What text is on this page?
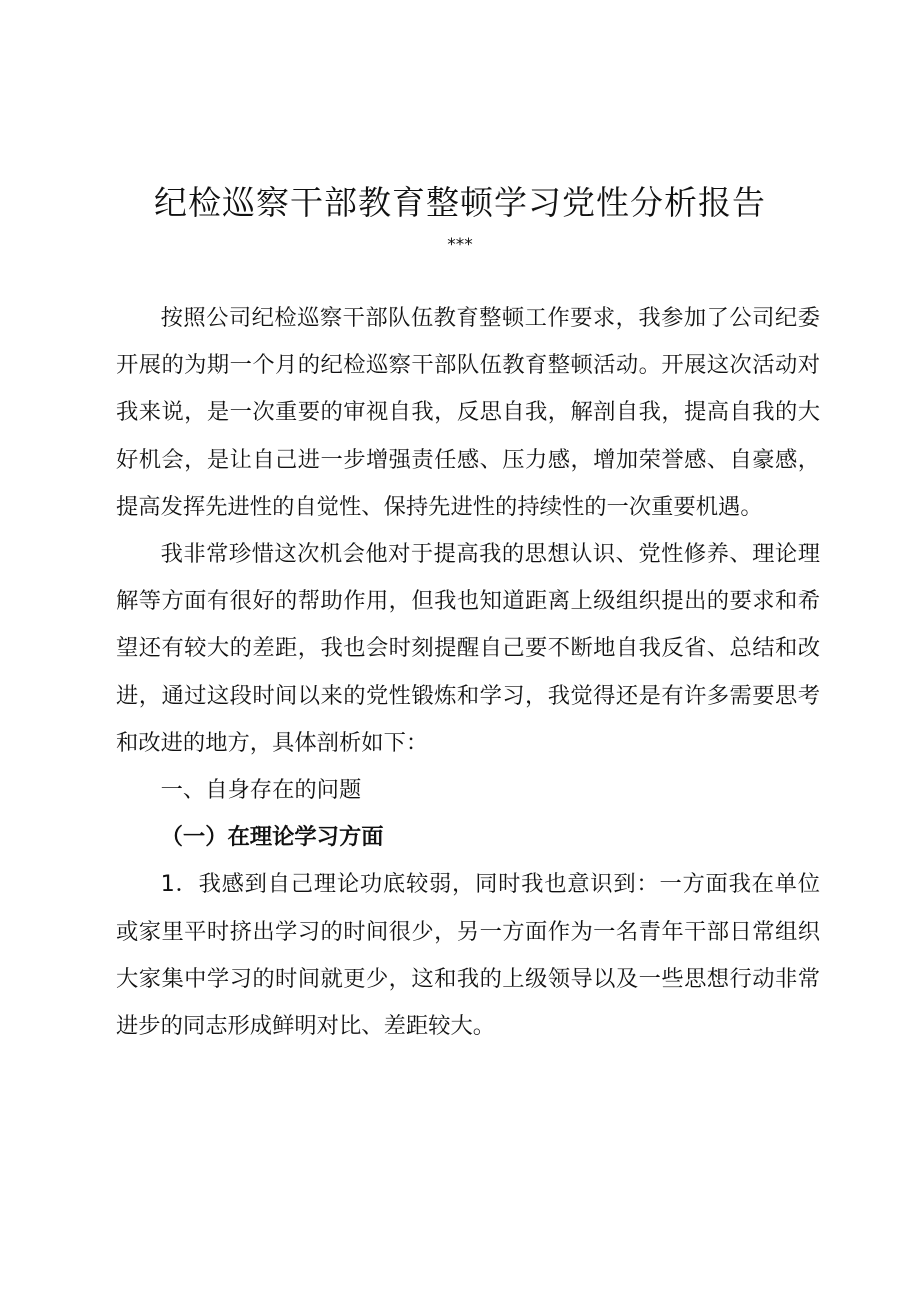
纪检巡察干部教育整顿学习党性分析报告
***

按照公司纪检巡察干部队伍教育整顿工作要求，我参加了公司纪委开展的为期一个月的纪检巡察干部队伍教育整顿活动。开展这次活动对我来说，是一次重要的审视自我，反思自我，解剖自我，提高自我的大好机会，是让自己进一步增强责任感、压力感，增加荣誉感、自豪感，提高发挥先进性的自觉性、保持先进性的持续性的一次重要机遇。

我非常珍惜这次机会他对于提高我的思想认识、党性修养、理论理解等方面有很好的帮助作用，但我也知道距离上级组织提出的要求和希望还有较大的差距，我也会时刻提醒自己要不断地自我反省、总结和改进，通过这段时间以来的党性锻炼和学习，我觉得还是有许多需要思考和改进的地方，具体剖析如下：

一、自身存在的问题

（一）在理论学习方面

1．我感到自己理论功底较弱，同时我也意识到：一方面我在单位或家里平时挤出学习的时间很少，另一方面作为一名青年干部日常组织大家集中学习的时间就更少，这和我的上级领导以及一些思想行动非常进步的同志形成鲜明对比、差距较大。
